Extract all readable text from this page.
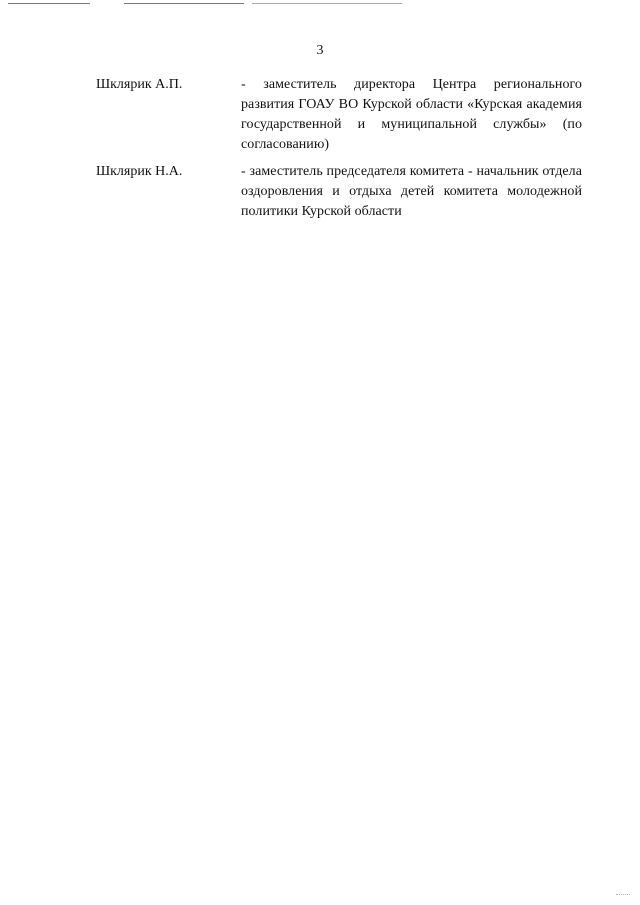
3
Шклярик А.П.	- заместитель директора Центра регионального развития ГОАУ ВО Курской области «Курская академия государственной и муниципальной службы» (по согласованию)
Шклярик Н.А.	- заместитель председателя комитета - начальник отдела оздоровления и отдыха детей комитета молодежной политики Курской области
